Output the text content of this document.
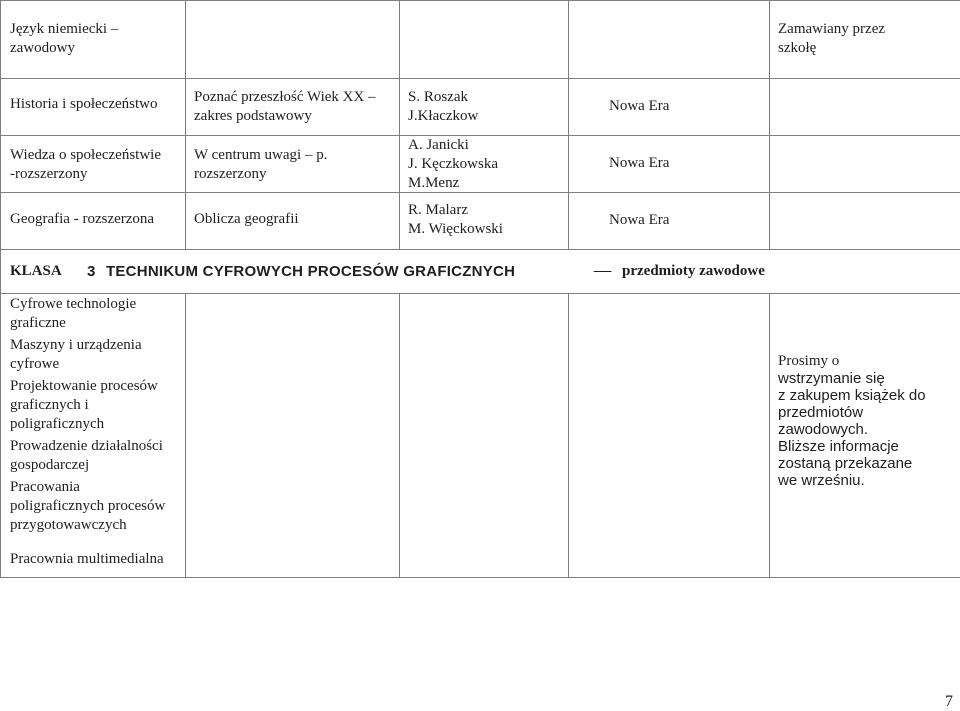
Język niemiecki –
zawodowy
Zamawiany przez
szkołę
Historia i społeczeństwo Poznać przeszłość Wiek XX –
zakres podstawowy
S. Roszak
J.Kłaczkow
Nowa Era
Wiedza o społeczeństwie
-rozszerzony
W centrum uwagi – p.
rozszerzony
A. Janicki
J. Kęczkowska
M.Menz
Nowa Era
Geografia - rozszerzona	Oblicza geografii
R. Malarz
M. Więckowski
Nowa Era
KLASA 3 TECHNIKUM CYFROWYCH PROCESÓW GRAFICZNYCH	– przedmioty zawodowe
Cyfrowe technologie
graficzne
Maszyny i urządzenia
cyfrowe
Projektowanie procesów
graficznych i
poligraficznych
Prowadzenie działalności
gospodarczej
Pracowania
poligraficznych procesów
przygotowawczych
Pracownia multimedialna
Prosimy o
wstrzymanie się
z zakupem książek do
przedmiotów
zawodowych.
Bliższe informacje
zostaną przekazane
we wrześniu.
7
